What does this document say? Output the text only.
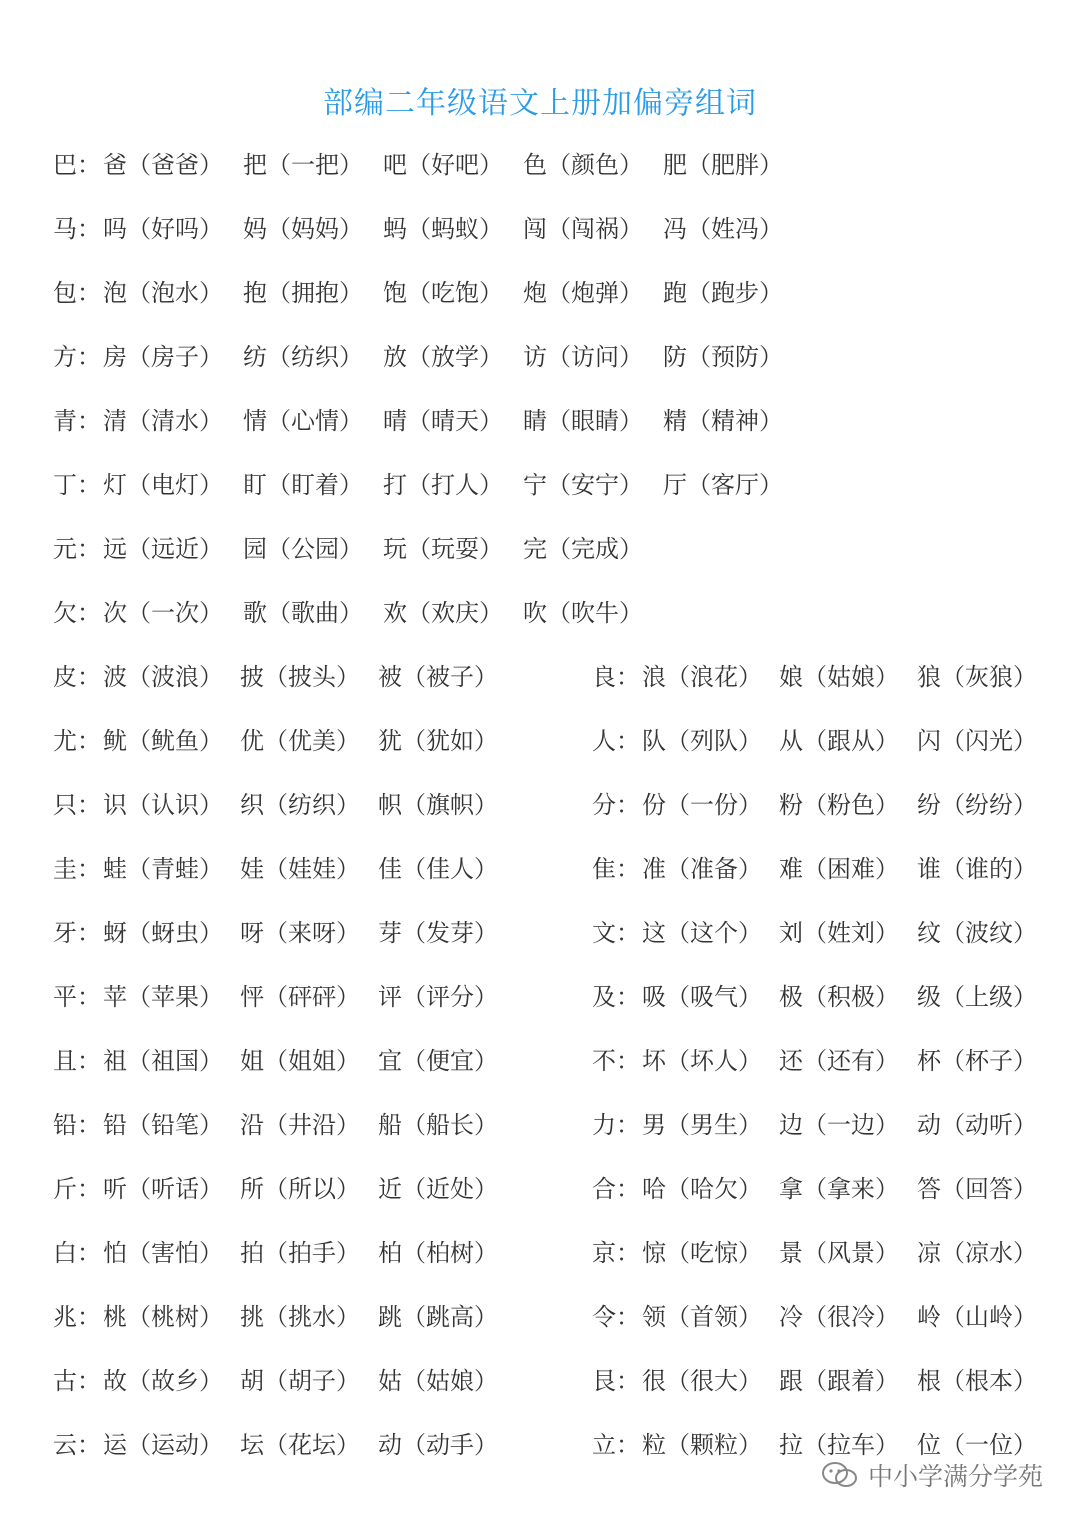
部编二年级语文上册加偏旁组词
巴： 爸（爸爸） 把（一把） 吧（好吧） 色（颜色） 肥（肥胖）
马： 吗（好吗） 妈（妈妈） 蚂（蚂蚁） 闯（闯祸） 冯（姓冯）
包： 泡（泡水） 抱（拥抱） 饱（吃饱） 炮（炮弹） 跑（跑步）
方： 房（房子） 纺（纺织） 放（放学） 访（访问） 防（预防）
青： 清（清水） 情（心情） 晴（晴天） 睛（眼睛） 精（精神）
丁： 灯（电灯） 盯（盯着） 打（打人） 宁（安宁） 厅（客厅）
元： 远（远近） 园（公园） 玩（玩耍） 完（完成）
欠： 次（一次） 歌（歌曲） 欢（欢庆） 吹（吹牛）
皮： 波（波浪） 披（披头） 被（被子）	良： 浪（浪花） 娘（姑娘） 狼（灰狼）
尤： 鱿（鱿鱼） 优（优美） 犹（犹如）	人： 队（列队） 从（跟从） 闪（闪光）
只： 识（认识） 织（纺织） 帜（旗帜）	分： 份（一份） 粉（粉色） 纷（纷纷）
圭： 蛙（青蛙） 娃（娃娃） 佳（佳人）	隹： 准（准备） 难（困难） 谁（谁的）
牙： 蚜（蚜虫） 呀（来呀） 芽（发芽）	文： 这（这个） 刘（姓刘） 纹（波纹）
平： 苹（苹果） 怦（砰砰） 评（评分）	及： 吸（吸气） 极（积极） 级（上级）
且： 祖（祖国） 姐（姐姐） 宜（便宜）	不： 坏（坏人） 还（还有） 杯（杯子）
铅： 铅（铅笔） 沿（井沿） 船（船长）	力： 男（男生） 边（一边） 动（动听）
斤： 听（听话） 所（所以） 近（近处）	合： 哈（哈欠） 拿（拿来） 答（回答）
白： 怕（害怕） 拍（拍手） 柏（柏树）	京： 惊（吃惊） 景（风景） 凉（凉水）
兆： 桃（桃树） 挑（挑水） 跳（跳高）	令： 领（首领） 冷（很冷） 岭（山岭）
古： 故（故乡） 胡（胡子） 姑（姑娘）	艮： 很（很大） 跟（跟着） 根（根本）
云： 运（运动） 坛（花坛） 动（动手）	立： 粒（颗粒） 拉（拉车） 位（一位）
中小学满分学苑
